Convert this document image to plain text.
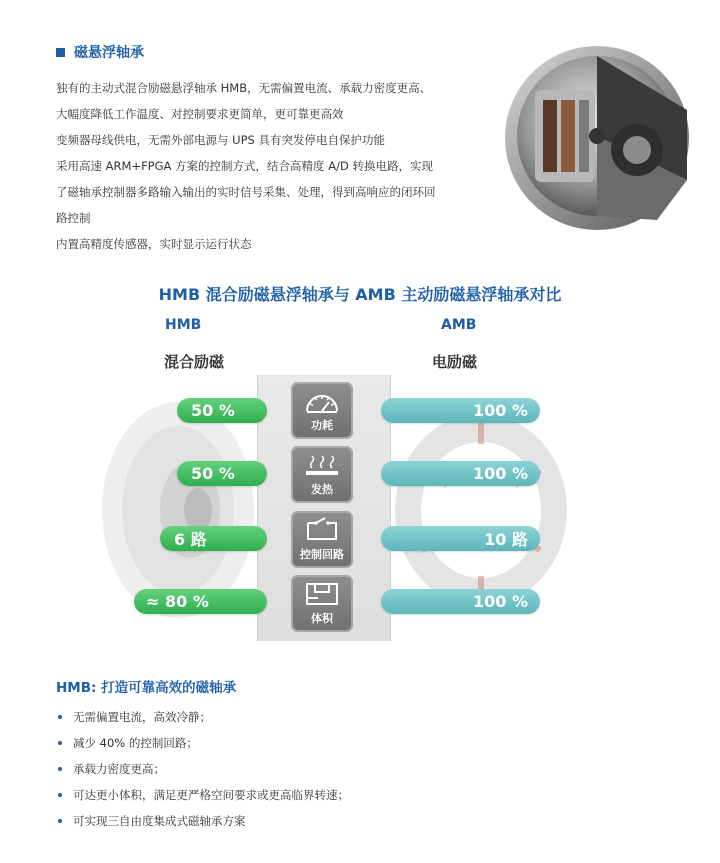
磁悬浮轴承

独有的主动式混合励磁悬浮轴承 HMB，无需偏置电流、承载力密度更高、

大幅度降低工作温度、对控制要求更简单，更可靠更高效

变频器母线供电，无需外部电源与 UPS 具有突发停电自保护功能

采用高速 ARM+FPGA 方案的控制方式，结合高精度 A/D 转换电路，实现

了磁轴承控制器多路输入输出的实时信号采集、处理，得到高响应的闭环回

路控制

内置高精度传感器，实时显示运行状态

HMB 混合励磁悬浮轴承与 AMB 主动励磁悬浮轴承对比
HMB
混合励磁
AMB
电励磁
50 %
50 %
6 路
≈ 80 %
100 %
100 %
10 路
100 %
功耗
发热
控制回路
体积
HMB: 打造可靠高效的磁轴承
无需偏置电流，高效冷静；
减少 40% 的控制回路；
承载力密度更高；
可达更小体积，满足更严格空间要求或更高临界转速；
可实现三自由度集成式磁轴承方案
